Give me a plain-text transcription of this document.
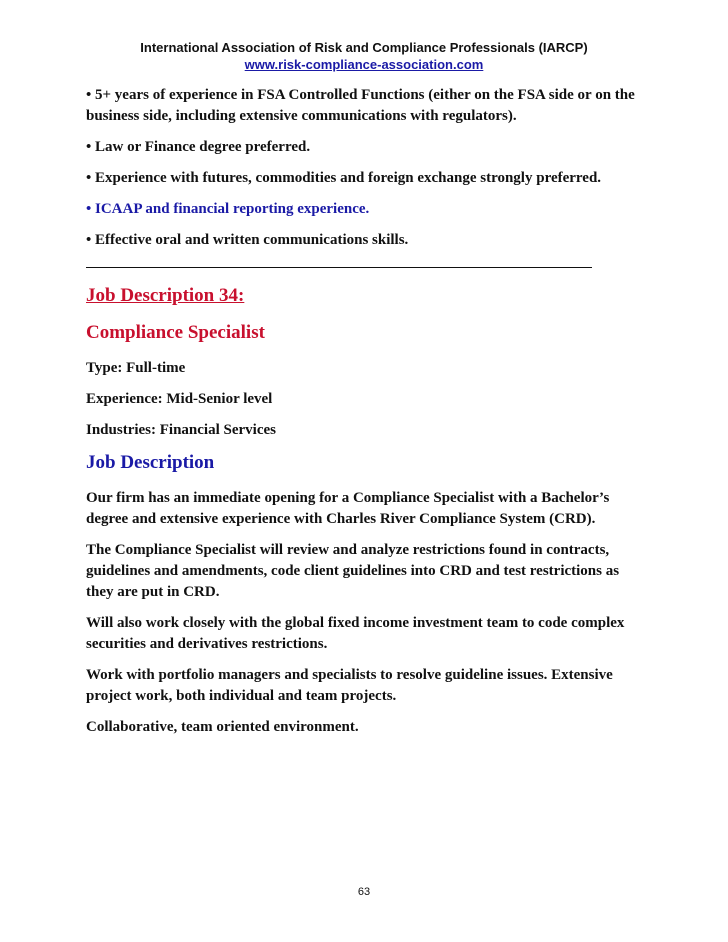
International Association of Risk and Compliance Professionals (IARCP)
www.risk-compliance-association.com

• 5+ years of experience in FSA Controlled Functions (either on the FSA side or on the business side, including extensive communications with regulators).

• Law or Finance degree preferred.

• Experience with futures, commodities and foreign exchange strongly preferred.

• ICAAP and financial reporting experience.

• Effective oral and written communications skills.

Job Description 34:

Compliance Specialist

Type: Full-time

Experience: Mid-Senior level

Industries: Financial Services

Job Description

Our firm has an immediate opening for a Compliance Specialist with a Bachelor’s degree and extensive experience with Charles River Compliance System (CRD).

The Compliance Specialist will review and analyze restrictions found in contracts, guidelines and amendments, code client guidelines into CRD and test restrictions as they are put in CRD.

Will also work closely with the global fixed income investment team to code complex securities and derivatives restrictions.

Work with portfolio managers and specialists to resolve guideline issues. Extensive project work, both individual and team projects.

Collaborative, team oriented environment.

63
